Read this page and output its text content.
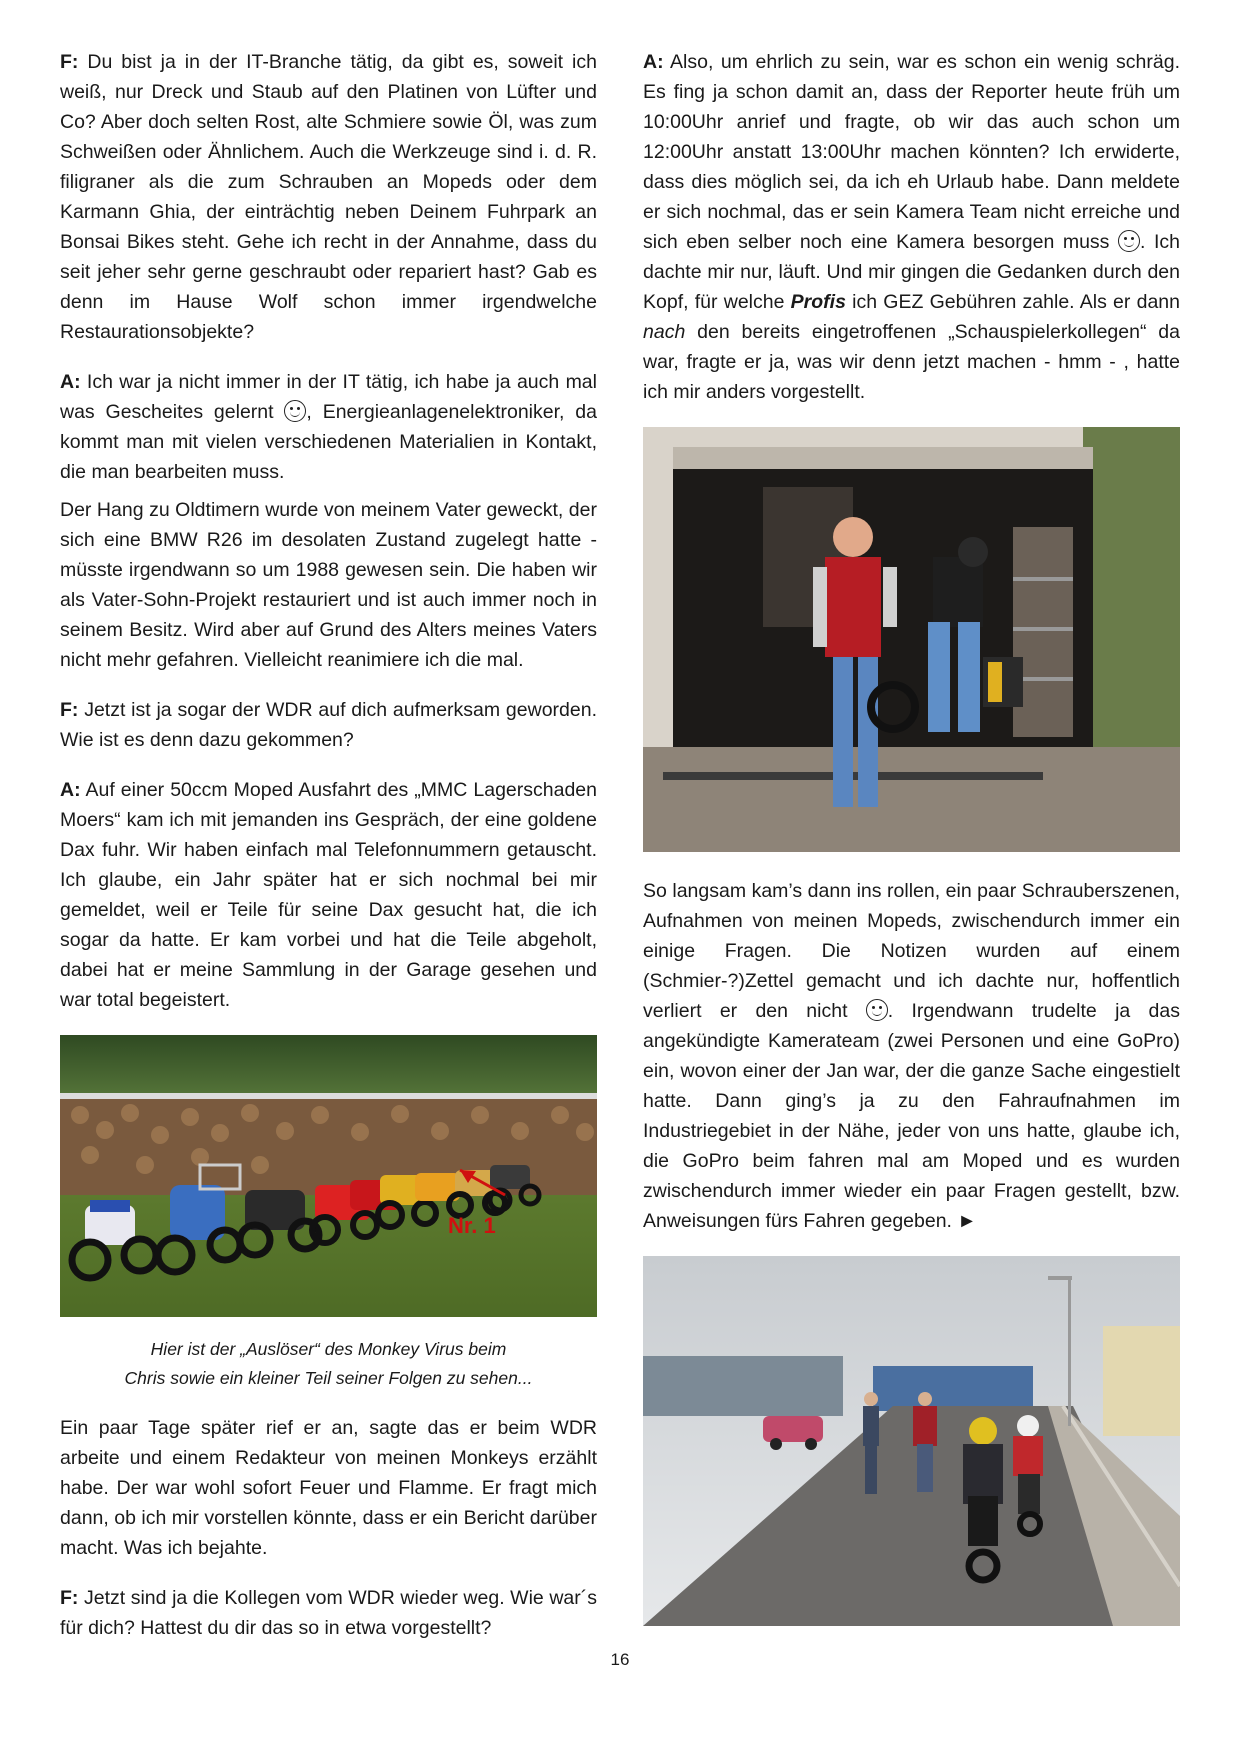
F: Du bist ja in der IT-Branche tätig, da gibt es, soweit ich weiß, nur Dreck und Staub auf den Platinen von Lüfter und Co? Aber doch selten Rost, alte Schmiere sowie Öl, was zum Schweißen oder Ähnlichem. Auch die Werkzeuge sind i. d. R. filigraner als die zum Schrauben an Mopeds oder dem Karmann Ghia, der einträchtig neben Deinem Fuhrpark an Bonsai Bikes steht. Gehe ich recht in der Annahme, dass du seit jeher sehr gerne geschraubt oder repariert hast? Gab es denn im Hause Wolf schon immer irgendwelche Restaurationsobjekte?

A: Ich war ja nicht immer in der IT tätig, ich habe ja auch mal was Gescheites gelernt
, Energieanlagenelektroniker, da kommt man mit vielen verschiedenen Materialien in Kontakt, die man bearbeiten muss.

Der Hang zu Oldtimern wurde von meinem Vater geweckt, der sich eine BMW R26 im desolaten Zustand zugelegt hatte - müsste irgendwann so um 1988 gewesen sein. Die haben wir als Vater-Sohn-Projekt restauriert und ist auch immer noch in seinem Besitz. Wird aber auf Grund des Alters meines Vaters nicht mehr gefahren. Vielleicht reanimiere ich die mal.

F: Jetzt ist ja sogar der WDR auf dich aufmerksam geworden. Wie ist es denn dazu gekommen?

A: Auf einer 50ccm Moped Ausfahrt des „MMC Lagerschaden Moers“ kam ich mit jemanden ins Gespräch, der eine goldene Dax fuhr. Wir haben einfach mal Telefonnummern getauscht. Ich glaube, ein Jahr später hat er sich nochmal bei mir gemeldet, weil er Teile für seine Dax gesucht hat, die ich sogar da hatte. Er kam vorbei und hat die Teile abgeholt, dabei hat er meine Sammlung in der Garage gesehen und war total begeistert.

Nr. 1
Hier ist der „Auslöser“ des Monkey Virus beim
Chris sowie ein kleiner Teil seiner Folgen zu sehen...

Ein paar Tage später rief er an, sagte das er beim WDR arbeite und einem Redakteur von meinen Monkeys erzählt habe. Der war wohl sofort Feuer und Flamme. Er fragt mich dann, ob ich mir vorstellen könnte, dass er ein Bericht darüber macht. Was ich bejahte.

F: Jetzt sind ja die Kollegen vom WDR wieder weg. Wie war´s für dich? Hattest du dir das so in etwa vorgestellt?

A: Also, um ehrlich zu sein, war es schon ein wenig schräg. Es fing ja schon damit an, dass der Reporter heute früh um 10:00Uhr anrief und fragte, ob wir das auch schon um 12:00Uhr anstatt 13:00Uhr machen könnten? Ich erwiderte, dass dies möglich sei, da ich eh Urlaub habe. Dann meldete er sich nochmal, das er sein Kamera Team nicht erreiche und sich eben selber noch eine Kamera besorgen muss
. Ich dachte mir nur, läuft. Und mir gingen die Gedanken durch den Kopf, für welche Profis ich GEZ Gebühren zahle. Als er dann nach den bereits eingetroffenen „Schauspielerkollegen“ da war, fragte er ja, was wir denn jetzt machen - hmm - , hatte ich mir anders vorgestellt.

So langsam kam’s dann ins rollen, ein paar Schrauberszenen, Aufnahmen von meinen Mopeds, zwischendurch immer ein einige Fragen. Die Notizen wurden auf einem (Schmier-?)Zettel gemacht und ich dachte nur, hoffentlich verliert er den nicht
. Irgendwann trudelte ja das angekündigte Kamerateam (zwei Personen und eine GoPro) ein, wovon einer der Jan war, der die ganze Sache eingestielt hatte. Dann ging’s ja zu den Fahraufnahmen im Industriegebiet in der Nähe, jeder von uns hatte, glaube ich, die GoPro beim fahren mal am Moped und es wurden zwischendurch immer wieder ein paar Fragen gestellt, bzw. Anweisungen fürs Fahren gegeben. ►

16
